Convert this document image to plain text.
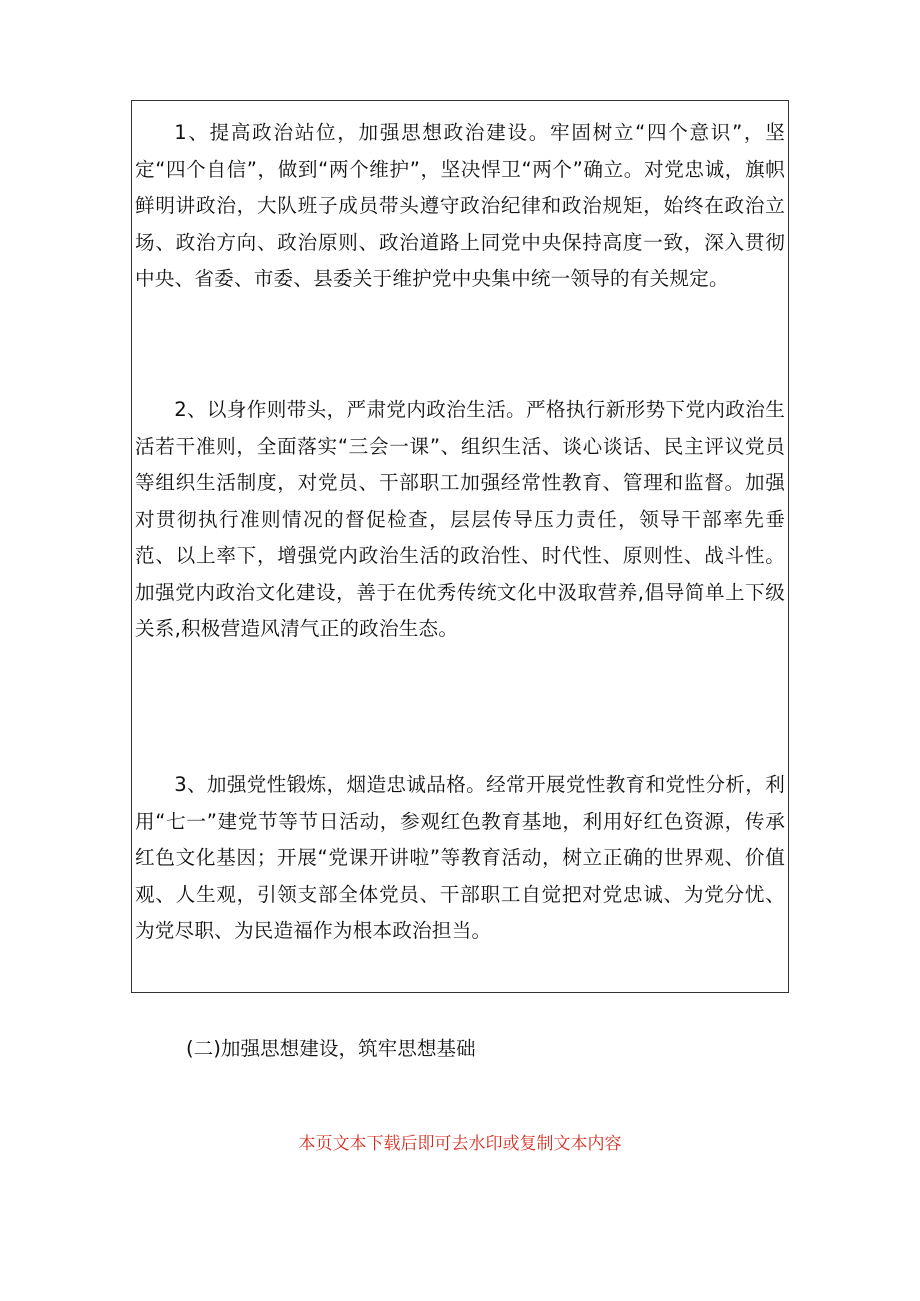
1、提高政治站位，加强思想政治建设。牢固树立“四个意识”，坚定“四个自信”，做到“两个维护”，坚决悍卫“两个”确立。对党忠诚，旗帜鲜明讲政治，大队班子成员带头遵守政治纪律和政治规矩，始终在政治立场、政治方向、政治原则、政治道路上同党中央保持高度一致，深入贯彻中央、省委、市委、县委关于维护党中央集中统一领导的有关规定。

2、以身作则带头，严肃党内政治生活。严格执行新形势下党内政治生活若干准则，全面落实“三会一课”、组织生活、谈心谈话、民主评议党员等组织生活制度，对党员、干部职工加强经常性教育、管理和监督。加强对贯彻执行准则情况的督促检查，层层传导压力责任，领导干部率先垂范、以上率下，增强党内政治生活的政治性、时代性、原则性、战斗性。加强党内政治文化建设，善于在优秀传统文化中汲取营养,倡导简单上下级关系,积极营造风清气正的政治生态。

3、加强党性锻炼，烟造忠诚品格。经常开展党性教育和党性分析，利用“七一”建党节等节日活动，参观红色教育基地，利用好红色资源，传承红色文化基因；开展“党课开讲啦”等教育活动，树立正确的世界观、价值观、人生观，引领支部全体党员、干部职工自觉把对党忠诚、为党分忧、为党尽职、为民造福作为根本政治担当。

(二)加强思想建设，筑牢思想基础

本页文本下载后即可去水印或复制文本内容
